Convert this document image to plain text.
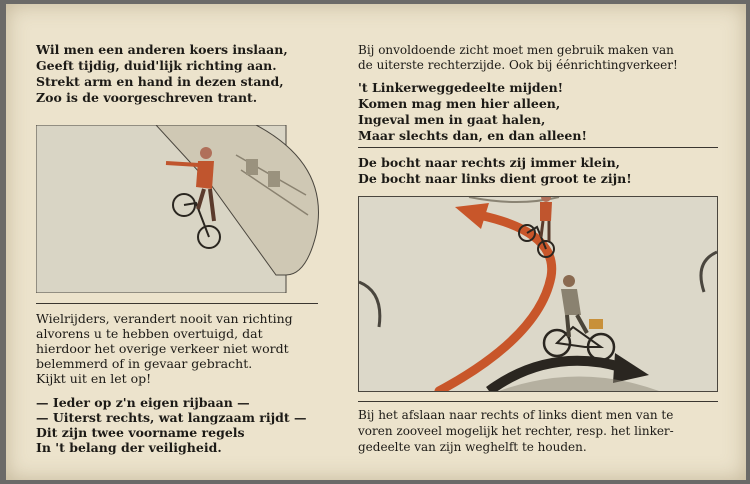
Wil men een anderen koers inslaan,
Geeft tijdig, duid'lijk richting aan.
Strekt arm en hand in dezen stand,
Zoo is de voorgeschreven trant.
Wielrijders, verandert nooit van richting
alvorens u te hebben overtuigd, dat
hierdoor het overige verkeer niet wordt
belemmerd of in gevaar gebracht.
Kijkt uit en let op!
— Ieder op z'n eigen rijbaan —
— Uiterst rechts, wat langzaam rijdt —
Dit zijn twee voorname regels
In 't belang der veiligheid.
Bij onvoldoende zicht moet men gebruik maken van
de uiterste rechterzijde. Ook bij éénrichtingverkeer!
't Linkerweggedeelte mijden!
Komen mag men hier alleen,
Ingeval men in gaat halen,
Maar slechts dan, en dan alleen!
De bocht naar rechts zij immer klein,
De bocht naar links dient groot te zijn!
Bij het afslaan naar rechts of links dient men van te
voren zooveel mogelijk het rechter, resp. het linker-
gedeelte van zijn weghelft te houden.
